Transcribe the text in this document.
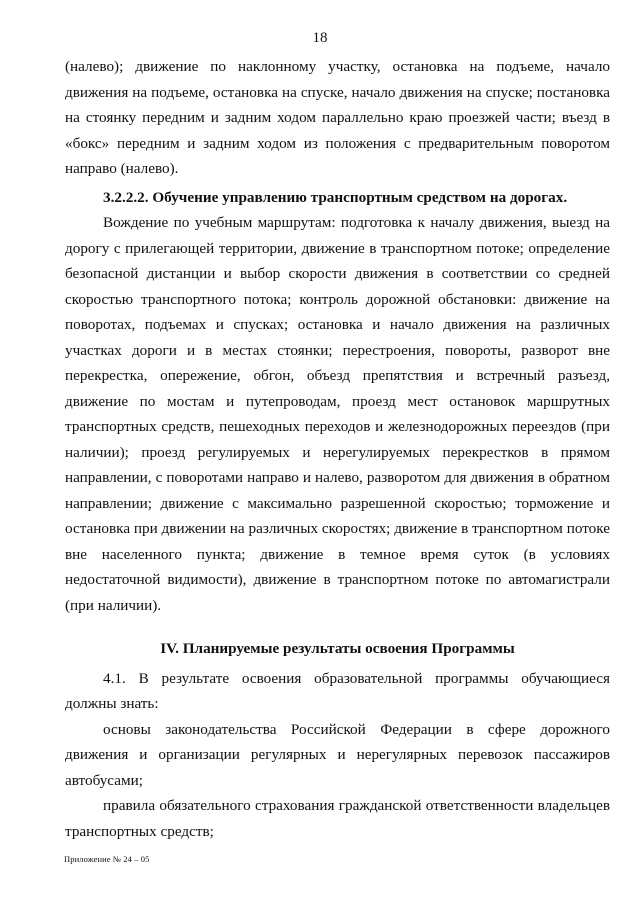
18

(налево); движение по наклонному участку, остановка на подъеме, начало движения на подъеме, остановка на спуске, начало движения на спуске; постановка на стоянку передним и задним ходом параллельно краю проезжей части; въезд в «бокс» передним и задним ходом из положения с предварительным поворотом направо (налево).

3.2.2.2. Обучение управлению транспортным средством на дорогах.

Вождение по учебным маршрутам: подготовка к началу движения, выезд на дорогу с прилегающей территории, движение в транспортном потоке; определение безопасной дистанции и выбор скорости движения в соответствии со средней скоростью транспортного потока; контроль дорожной обстановки: движение на поворотах, подъемах и спусках; остановка и начало движения на различных участках дороги и в местах стоянки; перестроения, повороты, разворот вне перекрестка, опережение, обгон, объезд препятствия и встречный разъезд, движение по мостам и путепроводам, проезд мест остановок маршрутных транспортных средств, пешеходных переходов и железнодорожных переездов (при наличии); проезд регулируемых и нерегулируемых перекрестков в прямом направлении, с поворотами направо и налево, разворотом для движения в обратном направлении; движение с максимально разрешенной скоростью; торможение и остановка при движении на различных скоростях; движение в транспортном потоке вне населенного пункта; движение в темное время суток (в условиях недостаточной видимости), движение в транспортном потоке по автомагистрали (при наличии).

IV. Планируемые результаты освоения Программы

4.1. В результате освоения образовательной программы обучающиеся должны знать:

основы законодательства Российской Федерации в сфере дорожного движения и организации регулярных и нерегулярных перевозок пассажиров автобусами;

правила обязательного страхования гражданской ответственности владельцев транспортных средств;

Приложение № 24 – 05
